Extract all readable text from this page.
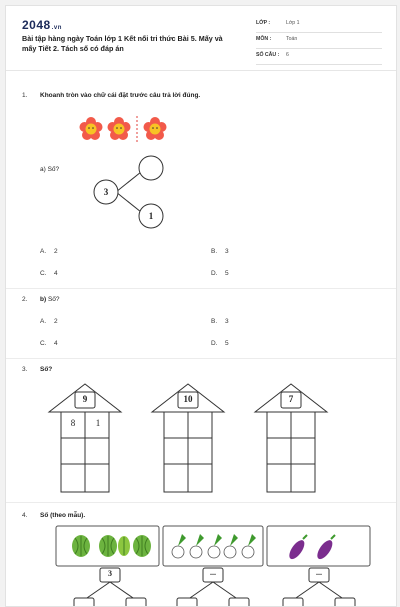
2048.vn
Bài tập hàng ngày Toán lớp 1 Kết nối tri thức Bài 5. Mấy và mấy Tiết 2. Tách số có đáp án
LỚP :	Lớp 1
MÔN :	Toán
SỐ CÂU : 6
1. Khoanh tròn vào chữ cái đặt trước câu trả lời đúng.
a) Số?
3
1
A. 2	B. 3
C. 4	D. 5
2. b) Số?
A. 2	B. 3
C. 4	D. 5
3. Số?
9
8	1
10	7
4. Số (theo mẫu).
3	...	...
